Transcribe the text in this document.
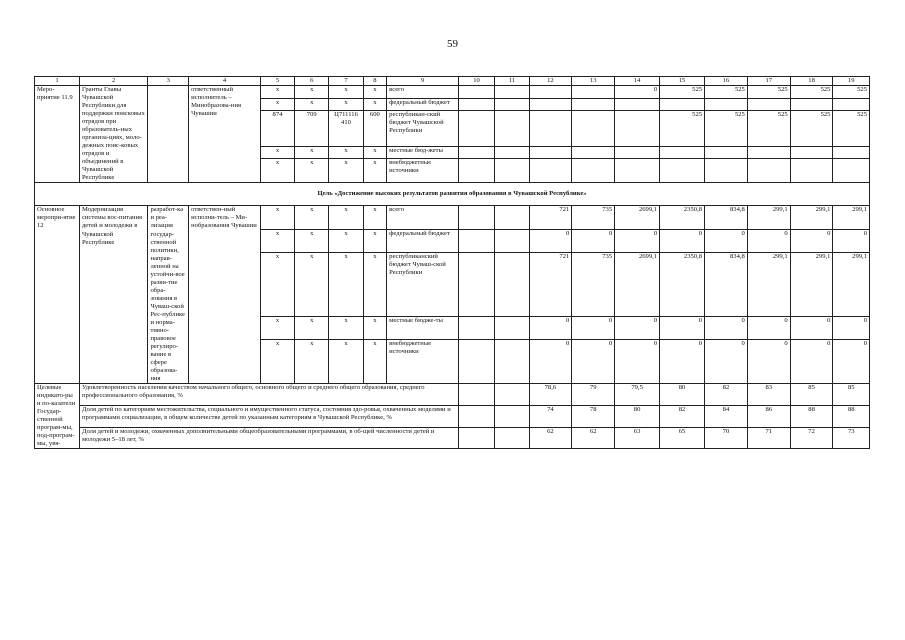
59
1	2	3	4	5	6	7	8	9	10	11	12	13	14	15	16	17	18	19
Меро-приятие 11.9	Гранты Главы Чувашской Республики для поддержки поисковых отрядов при образователь-ных организа-циях, моло-дежных поис-ковых отрядов и объединений в Чувашской Республике		ответственный исполнитель – Минобразова-ния Чувашии	x	x	x	x	всего					0	525	525	525	525	525
				x	x	x	x	федеральный бюджет										
				874	709	Ц711116 410	600	республикан-ский бюджет Чувашской Республики						525	525	525	525	525
				x	x	x	x	местные бюд-жеты										
				x	x	x	x	внебюджетные источники										
Цель «Достижение высоких результатов развития образования в Чувашской Республике»																		
Основное меропри-ятие 12	Модернизация системы вос-питания детей и молодежи в Чувашской Республике	разработ-ка и реа-лизация государ-ственной политики, направ-ленной на устойчи-вое разви-тие обра-зования в Чуваш-ской Рес-публике и норма-тивно-правовое регулиро-вание в сфере образова-ния	ответствен-ный исполни-тель – Ми-нобразования Чувашии	x	x	x	x	всего			721	735	2699,1	2350,8	834,8	299,1	299,1	299,1
				x	x	x	x	федеральный бюджет			0	0	0	0	0	0	0	0
				x	x	x	x	республиканский бюджет Чуваш-ской Республики			721	735	2699,1	2350,8	834,8	299,1	299,1	299,1
				x	x	x	x	местные бюдже-ты			0	0	0	0	0	0	0	0
				x	x	x	x	внебюджетные источники			0	0	0	0	0	0	0	0
Целевые индикато-ры и по-казатели Государ-ственной програм-мы, под-програм-мы, увя-	Удовлетворенность населения качеством начального общего, основного общего и среднего общего образования, среднего профессионального образования, %										78,6	79	79,5	80	82	83	85	85
	Доля детей по категориям местожительства, социального и имущественного статуса, состояния здо-ровья, охваченных моделями и программами социализации, в общем количестве детей по указанным категориям в Чувашской Республике, %										74	78	80	82	84	86	88	88
	Доля детей и молодежи, охваченных дополнительными общеобразовательными программами, в об-щей численности детей и молодежи 5–18 лет, %										62	62	63	65	70	71	72	73
